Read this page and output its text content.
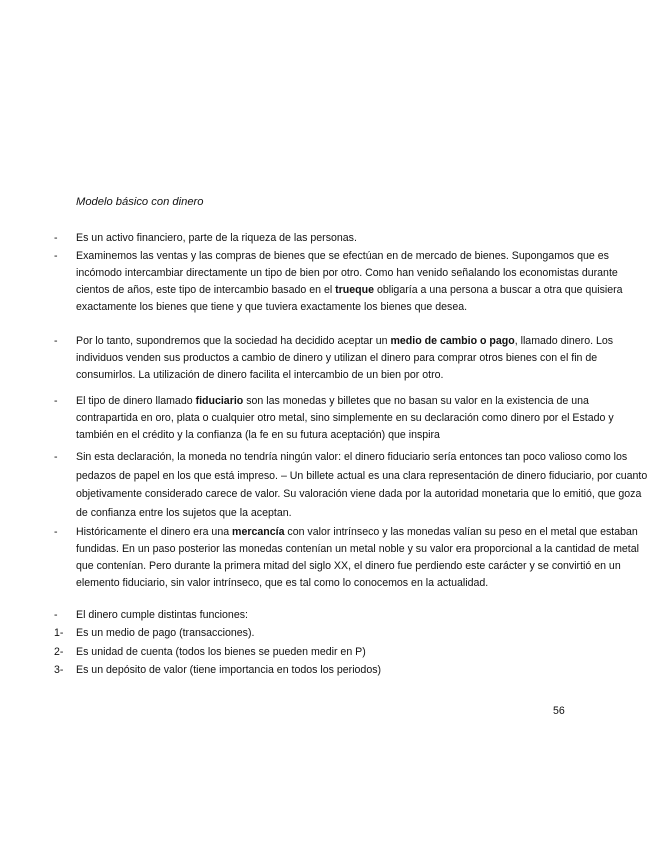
Modelo básico con dinero
-	Es un activo financiero, parte de la riqueza de las personas.
-	Examinemos las ventas y las compras de bienes que se efectúan en de mercado de bienes. Supongamos que es incómodo intercambiar directamente un tipo de bien por otro. Como han venido señalando los economistas durante cientos de años, este tipo de intercambio basado en el trueque obligaría a una persona a buscar a otra que quisiera exactamente los bienes que tiene y que tuviera exactamente los bienes que desea.
-	Por lo tanto, supondremos que la sociedad ha decidido aceptar un medio de cambio o pago, llamado dinero. Los individuos venden sus productos a cambio de dinero y utilizan el dinero para comprar otros bienes con el fin de consumirlos. La utilización de dinero facilita el intercambio de un bien por otro.
-	El tipo de dinero llamado fiduciario son las monedas y billetes que no basan su valor en la existencia de una contrapartida en oro, plata o cualquier otro metal, sino simplemente en su declaración como dinero por el Estado y también en el crédito y la confianza (la fe en su futura aceptación) que inspira
-	Sin esta declaración, la moneda no tendría ningún valor: el dinero fiduciario sería entonces tan poco valioso como los pedazos de papel en los que está impreso. – Un billete actual es una clara representación de dinero fiduciario, por cuanto objetivamente considerado carece de valor. Su valoración viene dada por la autoridad monetaria que lo emitió, que goza de confianza entre los sujetos que la aceptan.
-	Históricamente el dinero era una mercancía con valor intrínseco y las monedas valían su peso en el metal que estaban fundidas. En un paso posterior las monedas contenían un metal noble y su valor era proporcional a la cantidad de metal que contenían. Pero durante la primera mitad del siglo XX, el dinero fue perdiendo este carácter y se convirtió en un elemento fiduciario, sin valor intrínseco, que es tal como lo conocemos en la actualidad.
-	El dinero cumple distintas funciones:
1-	Es un medio de pago (transacciones).
2-	Es unidad de cuenta (todos los bienes se pueden medir en P)
3-	Es un depósito de valor (tiene importancia en todos los periodos)
56
